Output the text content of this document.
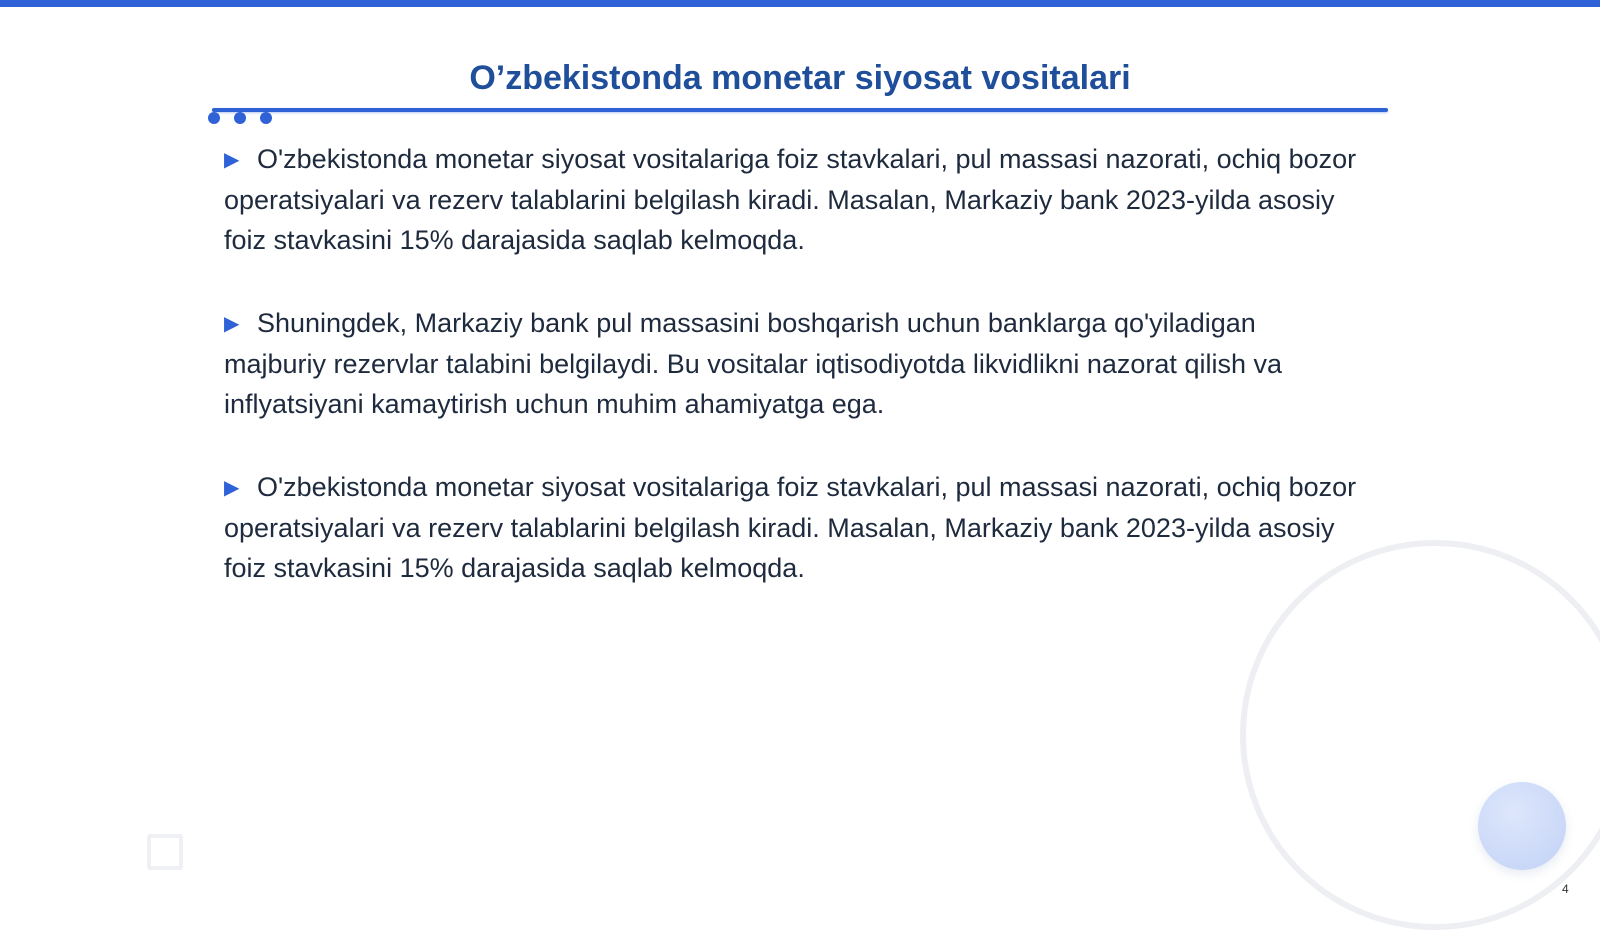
O’zbekistonda monetar siyosat vositalari

▶ O'zbekistonda monetar siyosat vositalariga foiz stavkalari, pul massasi nazorati, ochiq bozor operatsiyalari va rezerv talablarini belgilash kiradi. Masalan, Markaziy bank 2023-yilda asosiy foiz stavkasini 15% darajasida saqlab kelmoqda.

▶ Shuningdek, Markaziy bank pul massasini boshqarish uchun banklarga qo'yiladigan majburiy rezervlar talabini belgilaydi. Bu vositalar iqtisodiyotda likvidlikni nazorat qilish va inflyatsiyani kamaytirish uchun muhim ahamiyatga ega.

▶ O'zbekistonda monetar siyosat vositalariga foiz stavkalari, pul massasi nazorati, ochiq bozor operatsiyalari va rezerv talablarini belgilash kiradi. Masalan, Markaziy bank 2023-yilda asosiy foiz stavkasini 15% darajasida saqlab kelmoqda.

4
